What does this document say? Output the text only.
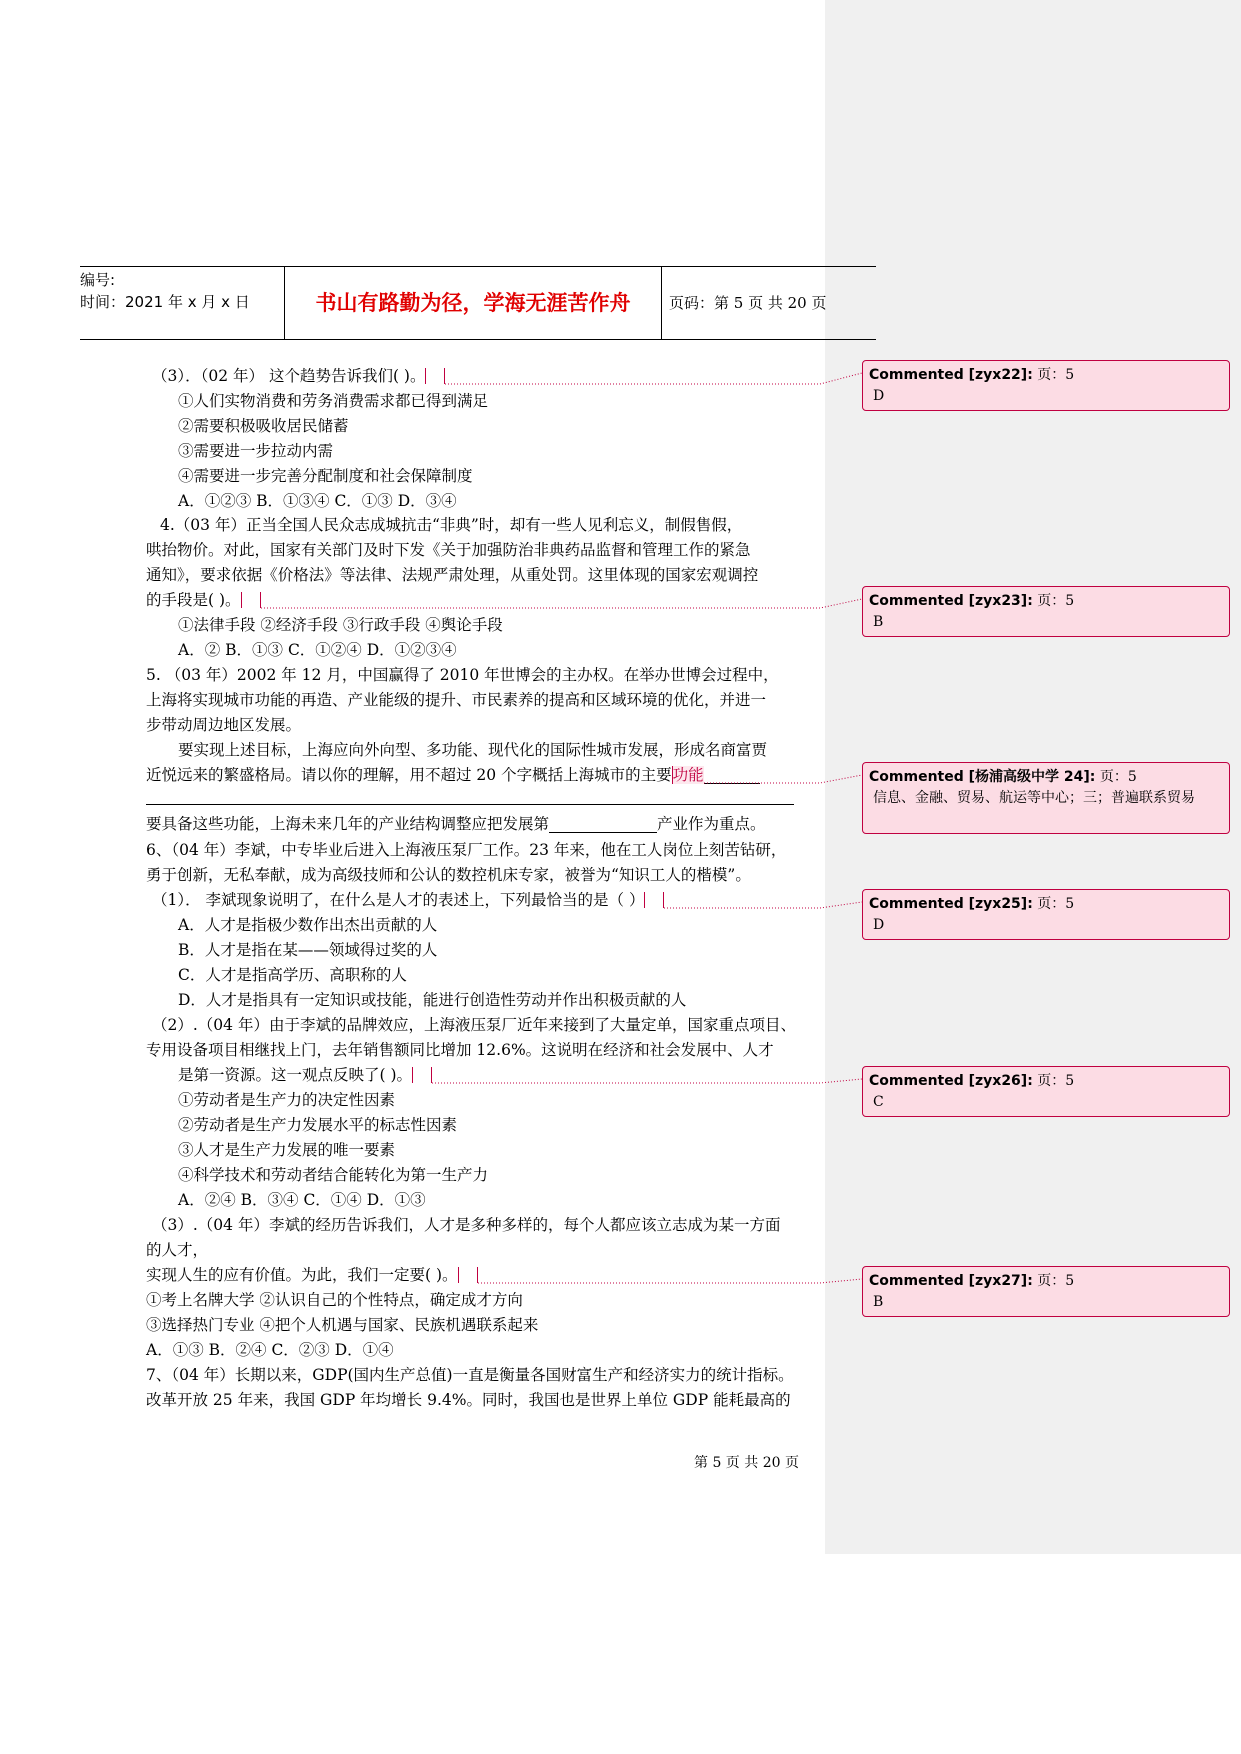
编号:
时间：2021 年 x 月 x 日	书山有路勤为径，学海无涯苦作舟	页码：第 5 页 共 20 页
（3）．（02 年） 这个趋势告诉我们( )。
①人们实物消费和劳务消费需求都已得到满足
②需要积极吸收居民储蓄
③需要进一步拉动内需
④需要进一步完善分配制度和社会保障制度
A．①②③ B．①③④ C．①③ D．③④
4.（03 年）正当全国人民众志成城抗击“非典”时，却有一些人见利忘义，制假售假，
哄抬物价。对此，国家有关部门及时下发《关于加强防治非典药品监督和管理工作的紧急
通知》，要求依据《价格法》等法律、法规严肃处理，从重处罚。这里体现的国家宏观调控
的手段是( )。
①法律手段 ②经济手段 ③行政手段 ④舆论手段
A．② B．①③ C．①②④ D．①②③④
5. （03 年）2002 年 12 月，中国赢得了 2010 年世博会的主办权。在举办世博会过程中，
上海将实现城市功能的再造、产业能级的提升、市民素养的提高和区域环境的优化，并进一
步带动周边地区发展。
要实现上述目标，上海应向外向型、多功能、现代化的国际性城市发展，形成名商富贾
近悦远来的繁盛格局。请以你的理解，用不超过 20 个字概括上海城市的主要功能
要具备这些功能，上海未来几年的产业结构调整应把发展第	产业作为重点。
6、（04 年）李斌，中专毕业后进入上海液压泵厂工作。23 年来，他在工人岗位上刻苦钻研，
勇于创新，无私奉献，成为高级技师和公认的数控机床专家，被誉为“知识工人的楷模”。
（1）． 李斌现象说明了，在什么是人才的表述上，下列最恰当的是（ ）
A．人才是指极少数作出杰出贡献的人
B．人才是指在某——领域得过奖的人
C．人才是指高学历、高职称的人
D．人才是指具有一定知识或技能，能进行创造性劳动并作出积极贡献的人
（2）.（04 年）由于李斌的品牌效应，上海液压泵厂近年来接到了大量定单，国家重点项目、
专用设备项目相继找上门，去年销售额同比增加 12.6%。这说明在经济和社会发展中、人才
是第一资源。这一观点反映了( )。
①劳动者是生产力的决定性因素
②劳动者是生产力发展水平的标志性因素
③人才是生产力发展的唯一要素
④科学技术和劳动者结合能转化为第一生产力
A．②④ B．③④ C．①④ D．①③
（3）.（04 年）李斌的经历告诉我们，人才是多种多样的，每个人都应该立志成为某一方面
的人才，
实现人生的应有价值。为此，我们一定要( )。
①考上名牌大学 ②认识自己的个性特点，确定成才方向
③选择热门专业 ④把个人机遇与国家、民族机遇联系起来
A．①③ B．②④ C．②③ D．①④
7、（04 年）长期以来，GDP(国内生产总值)一直是衡量各国财富生产和经济实力的统计指标。
改革开放 25 年来，我国 GDP 年均增长 9.4%。同时，我国也是世界上单位 GDP 能耗最高的
Commented [zyx22]: 页：5
D
Commented [zyx23]: 页：5
B
Commented [杨浦高级中学 24]: 页：5
信息、金融、贸易、航运等中心；三；普遍联系贸易
Commented [zyx25]: 页：5
D
Commented [zyx26]: 页：5
C
Commented [zyx27]: 页：5
B
第 5 页 共 20 页
